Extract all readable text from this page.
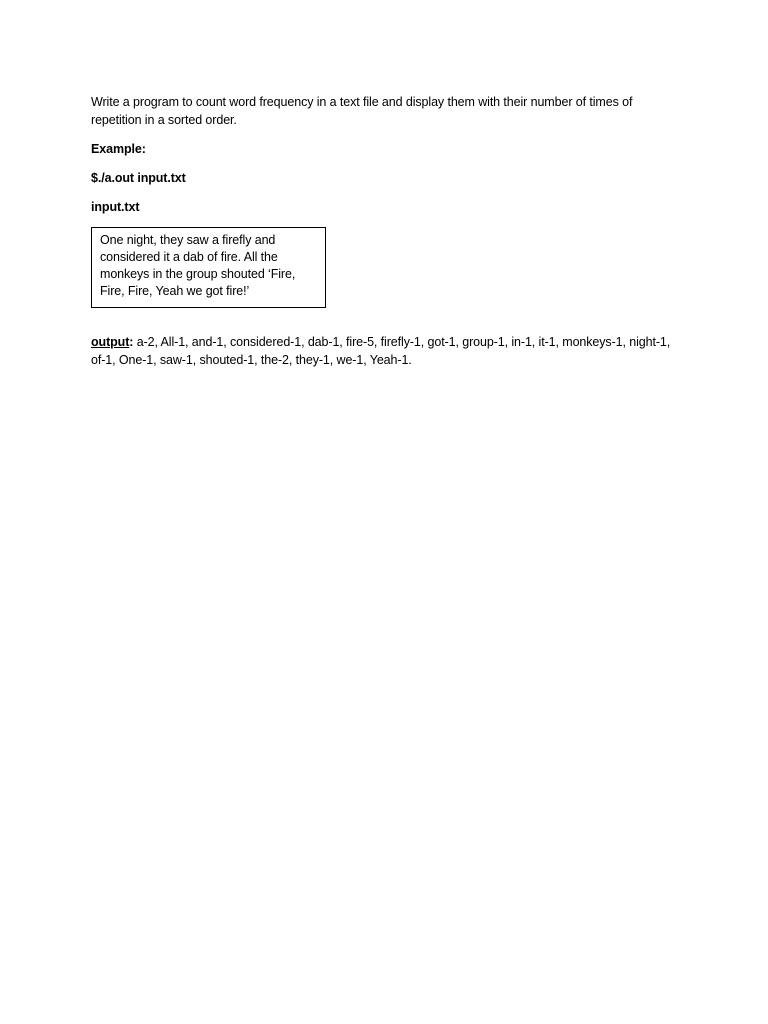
Write a program to count word frequency in a text file and display them with their number of times of repetition in a sorted order.

Example:

$./a.out input.txt

input.txt

One night, they saw a firefly and considered it a dab of fire. All the monkeys in the group shouted ‘Fire, Fire, Fire, Yeah we got fire!’

output: a-2, All-1, and-1, considered-1, dab-1, fire-5, firefly-1, got-1, group-1, in-1, it-1, monkeys-1, night-1, of-1, One-1, saw-1, shouted-1, the-2, they-1, we-1, Yeah-1.
